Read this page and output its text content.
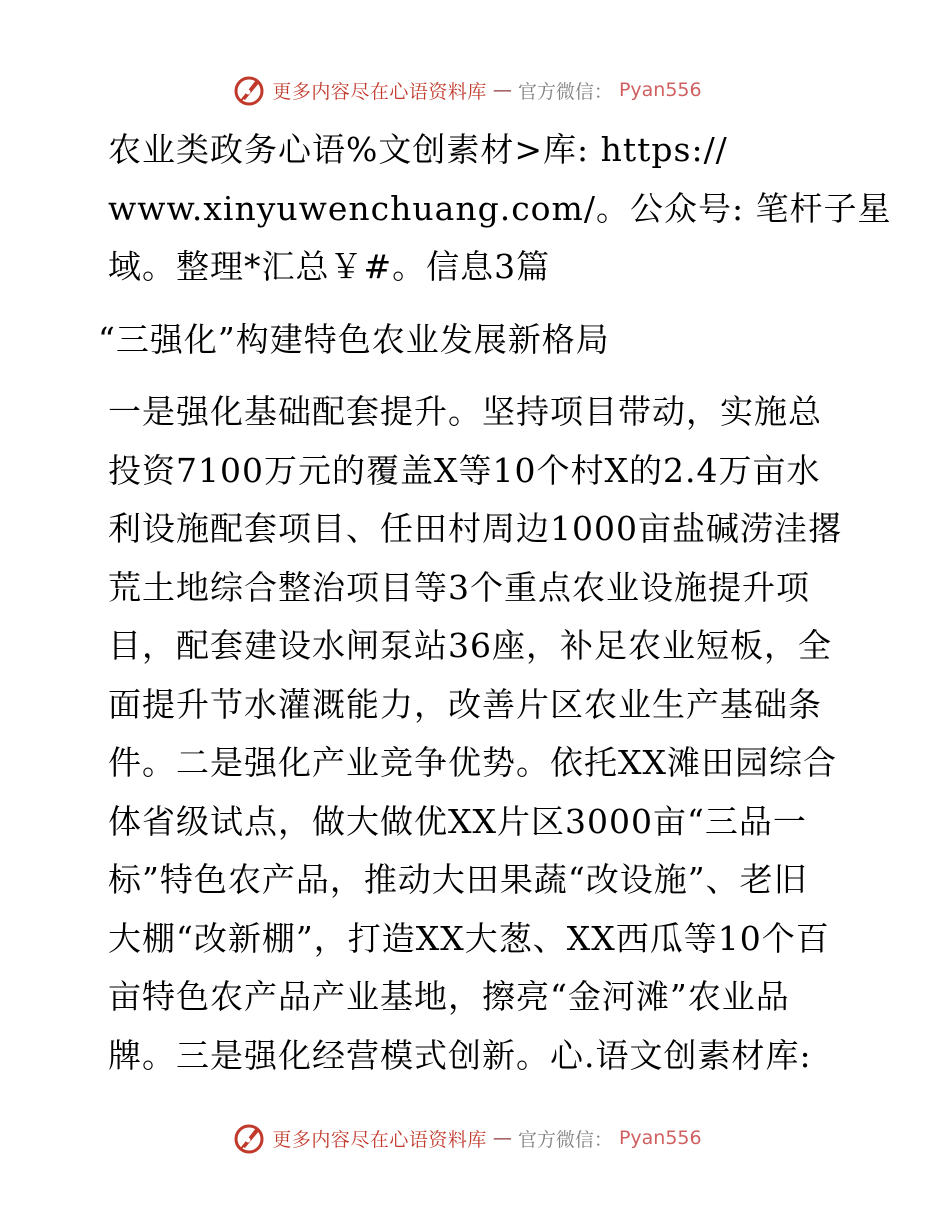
更多内容尽在心语资料库 — 官方微信： Pyan556

农业类政务心语%文创素材>库: https://
www.xinyuwenchuang.com/。公众号: 笔杆子星
域。整理*汇总￥#。信息3篇

“三强化”构建特色农业发展新格局

一是强化基础配套提升。坚持项目带动，实施总
投资7100万元的覆盖X等10个村X的2.4万亩水
利设施配套项目、任田村周边1000亩盐碱涝洼撂
荒土地综合整治项目等3个重点农业设施提升项
目，配套建设水闸泵站36座，补足农业短板，全
面提升节水灌溉能力，改善片区农业生产基础条
件。二是强化产业竞争优势。依托XX滩田园综合
体省级试点，做大做优XX片区3000亩“三品一
标”特色农产品，推动大田果蔬“改设施”、老旧
大棚“改新棚”，打造XX大葱、XX西瓜等10个百
亩特色农产品产业基地，擦亮“金河滩”农业品
牌。三是强化经营模式创新。心.语文创素材库:

更多内容尽在心语资料库 — 官方微信： Pyan556
